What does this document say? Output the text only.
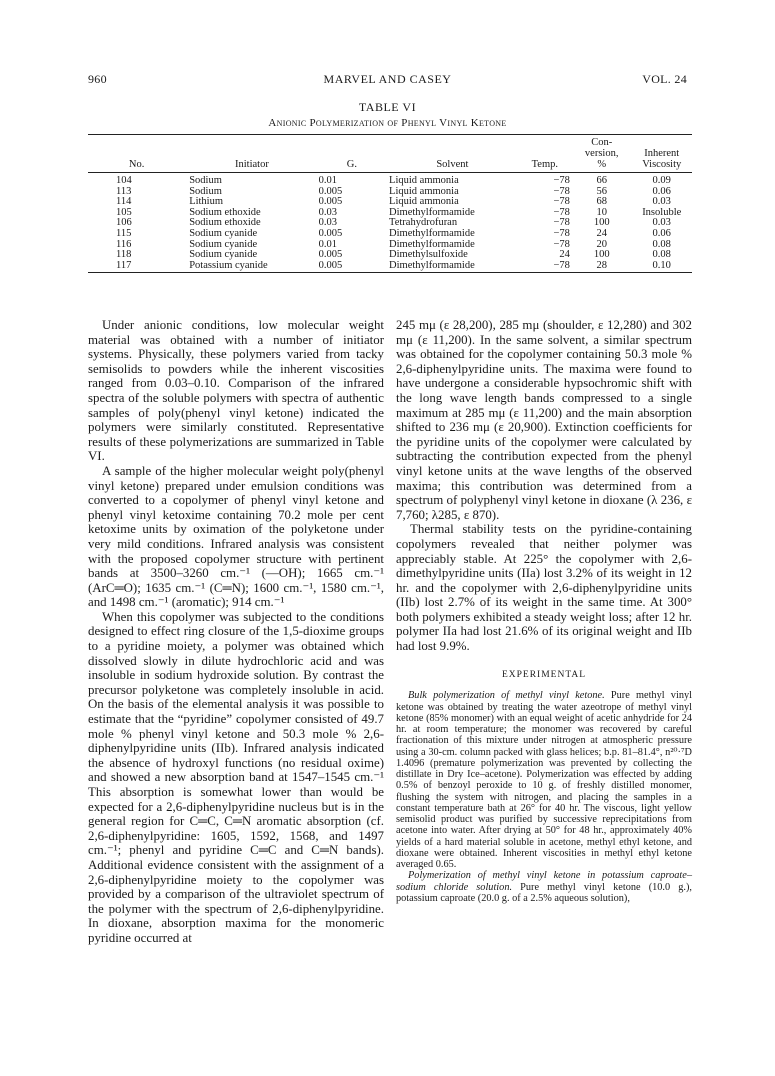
960	MARVEL AND CASEY	VOL. 24
TABLE VI
Anionic Polymerization of Phenyl Vinyl Ketone
No.	Initiator	G.	Solvent	Temp.	Con-
version,
%	Inherent
Viscosity
104	Sodium	0.01	Liquid ammonia	−78	66	0.09
113	Sodium	0.005	Liquid ammonia	−78	56	0.06
114	Lithium	0.005	Liquid ammonia	−78	68	0.03
105	Sodium ethoxide	0.03	Dimethylformamide	−78	10	Insoluble
106	Sodium ethoxide	0.03	Tetrahydrofuran	−78	100	0.03
115	Sodium cyanide	0.005	Dimethylformamide	−78	24	0.06
116	Sodium cyanide	0.01	Dimethylformamide	−78	20	0.08
118	Sodium cyanide	0.005	Dimethylsulfoxide	24	100	0.08
117	Potassium cyanide	0.005	Dimethylformamide	−78	28	0.10

Under anionic conditions, low molecular weight material was obtained with a number of initiator systems. Physically, these polymers varied from tacky semisolids to powders while the inherent viscosities ranged from 0.03–0.10. Comparison of the infrared spectra of the soluble polymers with spectra of authentic samples of poly(phenyl vinyl ketone) indicated the polymers were similarly constituted. Representative results of these polymerizations are summarized in Table VI.

A sample of the higher molecular weight poly(phenyl vinyl ketone) prepared under emulsion conditions was converted to a copolymer of phenyl vinyl ketone and phenyl vinyl ketoxime containing 70.2 mole per cent ketoxime units by oximation of the polyketone under very mild conditions. Infrared analysis was consistent with the proposed copolymer structure with pertinent bands at 3500–3260 cm.⁻¹ (—OH); 1665 cm.⁻¹ (ArC═O); 1635 cm.⁻¹ (C═N); 1600 cm.⁻¹, 1580 cm.⁻¹, and 1498 cm.⁻¹ (aromatic); 914 cm.⁻¹

When this copolymer was subjected to the conditions designed to effect ring closure of the 1,5-dioxime groups to a pyridine moiety, a polymer was obtained which dissolved slowly in dilute hydrochloric acid and was insoluble in sodium hydroxide solution. By contrast the precursor polyketone was completely insoluble in acid. On the basis of the elemental analysis it was possible to estimate that the “pyridine” copolymer consisted of 49.7 mole % phenyl vinyl ketone and 50.3 mole % 2,6-diphenylpyridine units (IIb). Infrared analysis indicated the absence of hydroxyl functions (no residual oxime) and showed a new absorption band at 1547–1545 cm.⁻¹ This absorption is somewhat lower than would be expected for a 2,6-diphenylpyridine nucleus but is in the general region for C═C, C═N aromatic absorption (cf. 2,6-diphenylpyridine: 1605, 1592, 1568, and 1497 cm.⁻¹; phenyl and pyridine C═C and C═N bands). Additional evidence consistent with the assignment of a 2,6-diphenylpyridine moiety to the copolymer was provided by a comparison of the ultraviolet spectrum of the polymer with the spectrum of 2,6-diphenylpyridine. In dioxane, absorption maxima for the monomeric pyridine occurred at

245 mμ (ε 28,200), 285 mμ (shoulder, ε 12,280) and 302 mμ (ε 11,200). In the same solvent, a similar spectrum was obtained for the copolymer containing 50.3 mole % 2,6-diphenylpyridine units. The maxima were found to have undergone a considerable hypsochromic shift with the long wave length bands compressed to a single maximum at 285 mμ (ε 11,200) and the main absorption shifted to 236 mμ (ε 20,900). Extinction coefficients for the pyridine units of the copolymer were calculated by subtracting the contribution expected from the phenyl vinyl ketone units at the wave lengths of the observed maxima; this contribution was determined from a spectrum of polyphenyl vinyl ketone in dioxane (λ 236, ε 7,760; λ285, ε 870).

Thermal stability tests on the pyridine-containing copolymers revealed that neither polymer was appreciably stable. At 225° the copolymer with 2,6-dimethylpyridine units (IIa) lost 3.2% of its weight in 12 hr. and the copolymer with 2,6-diphenylpyridine units (IIb) lost 2.7% of its weight in the same time. At 300° both polymers exhibited a steady weight loss; after 12 hr. polymer IIa had lost 21.6% of its original weight and IIb had lost 9.9%.

EXPERIMENTAL

Bulk polymerization of methyl vinyl ketone. Pure methyl vinyl ketone was obtained by treating the water azeotrope of methyl vinyl ketone (85% monomer) with an equal weight of acetic anhydride for 24 hr. at room temperature; the monomer was recovered by careful fractionation of this mixture under nitrogen at atmospheric pressure using a 30-cm. column packed with glass helices; b.p. 81–81.4°, n²⁰·⁷D 1.4096 (premature polymerization was prevented by collecting the distillate in Dry Ice–acetone). Polymerization was effected by adding 0.5% of benzoyl peroxide to 10 g. of freshly distilled monomer, flushing the system with nitrogen, and placing the samples in a constant temperature bath at 26° for 40 hr. The viscous, light yellow semisolid product was purified by successive reprecipitations from acetone into water. After drying at 50° for 48 hr., approximately 40% yields of a hard material soluble in acetone, methyl ethyl ketone, and dioxane were obtained. Inherent viscosities in methyl ethyl ketone averaged 0.65.

Polymerization of methyl vinyl ketone in potassium caproate–sodium chloride solution. Pure methyl vinyl ketone (10.0 g.), potassium caproate (20.0 g. of a 2.5% aqueous solution),
